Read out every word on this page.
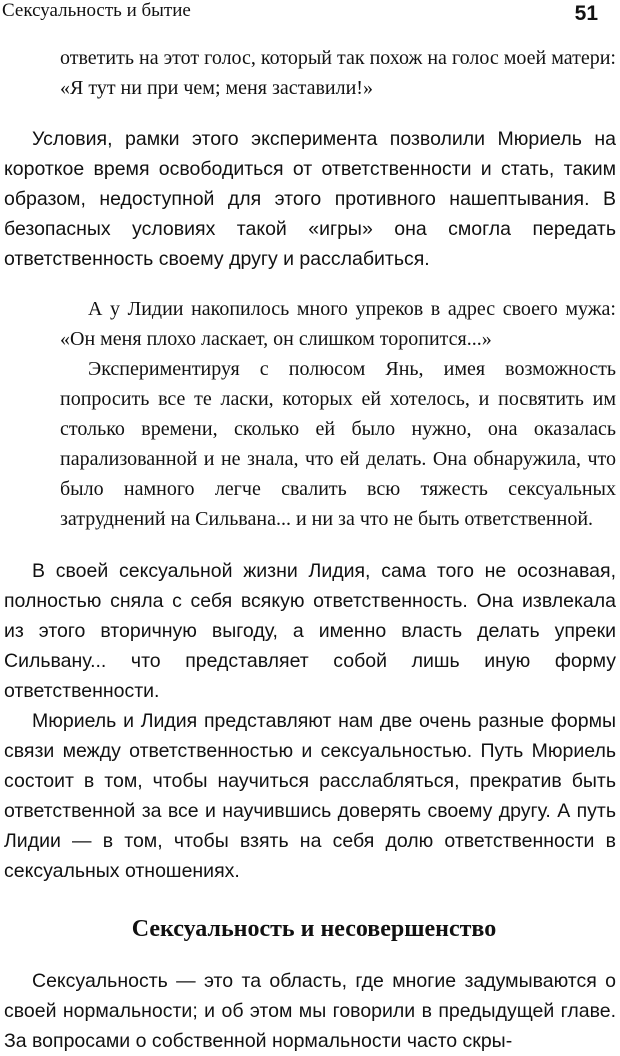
Сексуальность и бытие	51

ответить на этот голос, который так похож на голос моей матери: «Я тут ни при чем; меня заставили!»

Условия, рамки этого эксперимента позволили Мюриель на короткое время освободиться от ответственности и стать, таким образом, недоступной для этого противного нашептывания. В безопасных условиях такой «игры» она смогла передать ответственность своему другу и расслабиться.

А у Лидии накопилось много упреков в адрес своего мужа: «Он меня плохо ласкает, он слишком торопится...»

Экспериментируя с полюсом Янь, имея возможность попросить все те ласки, которых ей хотелось, и посвятить им столько времени, сколько ей было нужно, она оказалась парализованной и не знала, что ей делать. Она обнаружила, что было намного легче свалить всю тяжесть сексуальных затруднений на Сильвана... и ни за что не быть ответственной.

В своей сексуальной жизни Лидия, сама того не осознавая, полностью сняла с себя всякую ответственность. Она извлекала из этого вторичную выгоду, а именно власть делать упреки Сильвану... что представляет собой лишь иную форму ответственности.

Мюриель и Лидия представляют нам две очень разные формы связи между ответственностью и сексуальностью. Путь Мюриель состоит в том, чтобы научиться расслабляться, прекратив быть ответственной за все и научившись доверять своему другу. А путь Лидии — в том, чтобы взять на себя долю ответственности в сексуальных отношениях.

Сексуальность и несовершенство

Сексуальность — это та область, где многие задумываются о своей нормальности; и об этом мы говорили в предыдущей главе. За вопросами о собственной нормальности часто скры-
